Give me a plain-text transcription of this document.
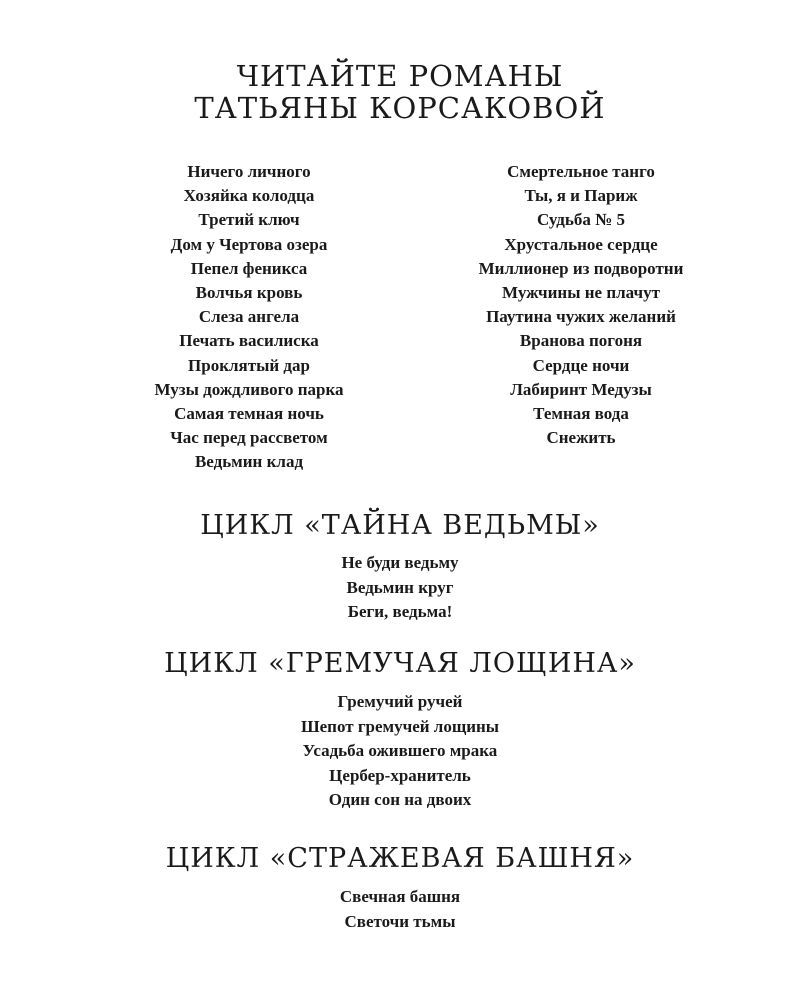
ЧИТАЙТЕ РОМАНЫ
ТАТЬЯНЫ КОРСАКОВОЙ
Ничего личного
Хозяйка колодца
Третий ключ
Дом у Чертова озера
Пепел феникса
Волчья кровь
Слеза ангела
Печать василиска
Проклятый дар
Музы дождливого парка
Самая темная ночь
Час перед рассветом
Ведьмин клад
Смертельное танго
Ты, я и Париж
Судьба № 5
Хрустальное сердце
Миллионер из подворотни
Мужчины не плачут
Паутина чужих желаний
Вранова погоня
Сердце ночи
Лабиринт Медузы
Темная вода
Снежить
ЦИКЛ «ТАЙНА ВЕДЬМЫ»
Не буди ведьму
Ведьмин круг
Беги, ведьма!
ЦИКЛ «ГРЕМУЧАЯ ЛОЩИНА»
Гремучий ручей
Шепот гремучей лощины
Усадьба ожившего мрака
Цербер-хранитель
Один сон на двоих
ЦИКЛ «СТРАЖЕВАЯ БАШНЯ»
Свечная башня
Светочи тьмы
